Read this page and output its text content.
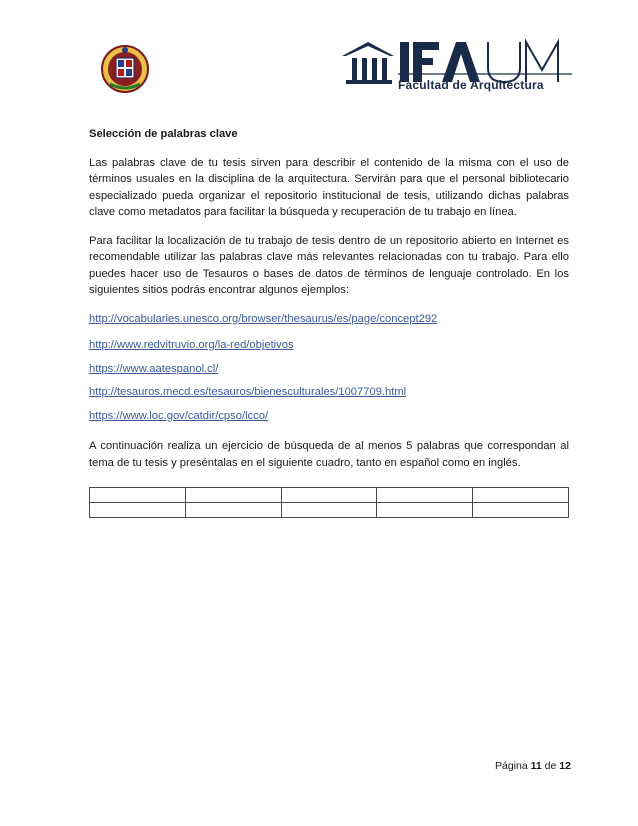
Facultad de Arquitectura

Selección de palabras clave

Las palabras clave de tu tesis sirven para describir el contenido de la misma con el uso de términos usuales en la disciplina de la arquitectura. Servirán para que el personal bibliotecario especializado pueda organizar el repositorio institucional de tesis, utilizando dichas palabras clave como metadatos para facilitar la búsqueda y recuperación de tu trabajo en línea.

Para facilitar la localización de tu trabajo de tesis dentro de un repositorio abierto en Internet es recomendable utilizar las palabras clave más relevantes relacionadas con tu trabajo. Para ello puedes hacer uso de Tesauros o bases de datos de términos de lenguaje controlado. En los siguientes sitios podrás encontrar algunos ejemplos:

http://vocabularies.unesco.org/browser/thesaurus/es/page/concept292
http://www.redvitruvio.org/la-red/objetivos
https://www.aatespanol.cl/
http://tesauros.mecd.es/tesauros/bienesculturales/1007709.html
https://www.loc.gov/catdir/cpso/lcco/

A continuación realiza un ejercicio de búsqueda de al menos 5 palabras que correspondan al tema de tu tesis y preséntalas en el siguiente cuadro, tanto en español como en inglés.

Página 11 de 12
